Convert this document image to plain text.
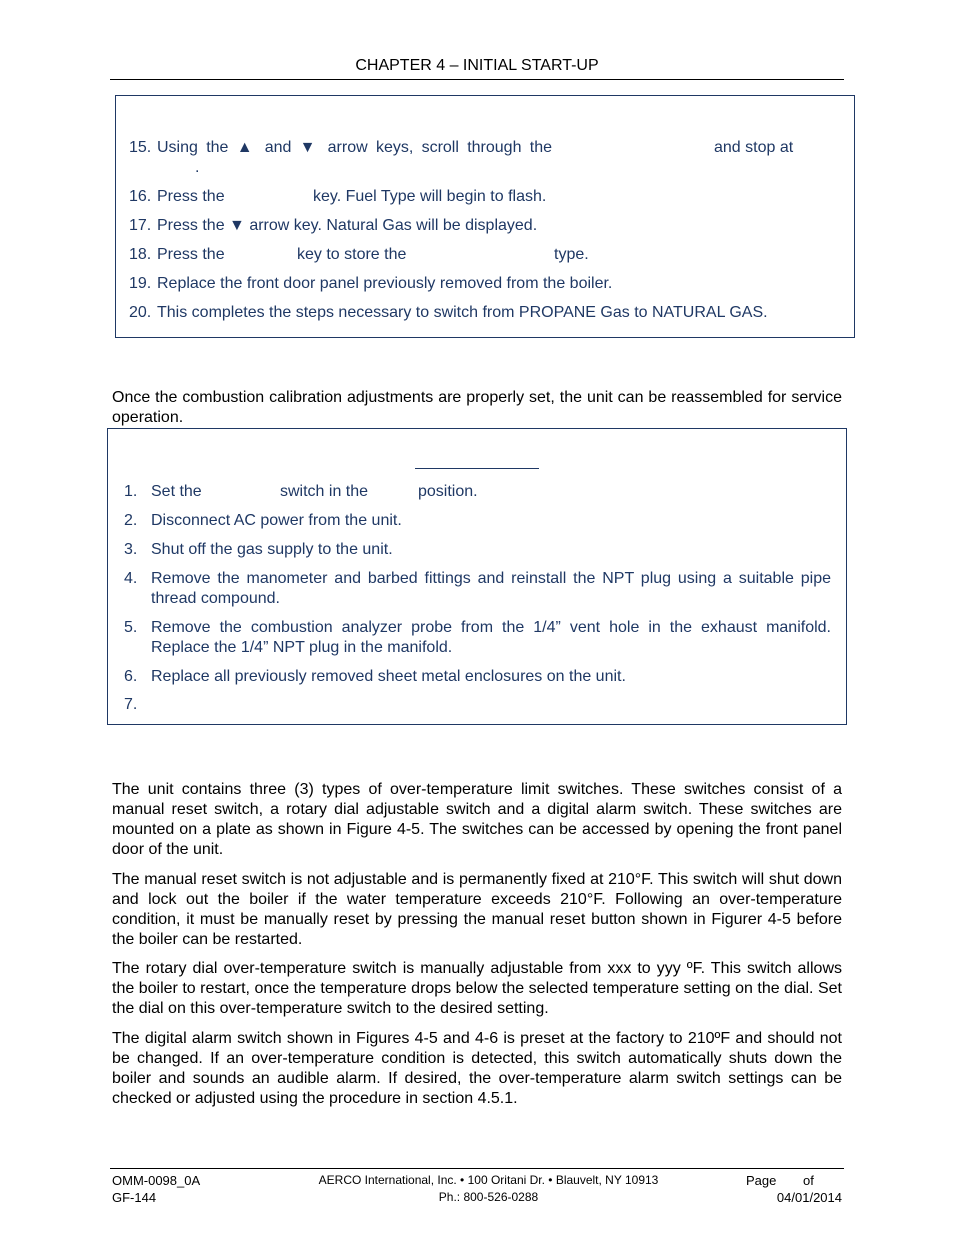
CHAPTER 4 – INITIAL START-UP
15. Using the ▲ and ▼ arrow keys, scroll through the	and stop at
.
16. Press the	key. Fuel Type will begin to flash.
17. Press the ▼ arrow key. Natural Gas will be displayed.
18. Press the	key to store the	type.
19. Replace the front door panel previously removed from the boiler.
20. This completes the steps necessary to switch from PROPANE Gas to NATURAL GAS.
Once the combustion calibration adjustments are properly set, the unit can be reassembled for service operation.
1. Set the	switch in the	position.
2. Disconnect AC power from the unit.
3. Shut off the gas supply to the unit.
4. Remove the manometer and barbed fittings and reinstall the NPT plug using a suitable pipe thread compound.
5. Remove the combustion analyzer probe from the 1/4” vent hole in the exhaust manifold. Replace the 1/4” NPT plug in the manifold.
6. Replace all previously removed sheet metal enclosures on the unit.
7.
The unit contains three (3) types of over-temperature limit switches. These switches consist of a manual reset switch, a rotary dial adjustable switch and a digital alarm switch. These switches are mounted on a plate as shown in Figure 4-5. The switches can be accessed by opening the front panel door of the unit.
The manual reset switch is not adjustable and is permanently fixed at 210°F. This switch will shut down and lock out the boiler if the water temperature exceeds 210°F. Following an over-temperature condition, it must be manually reset by pressing the manual reset button shown in Figurer 4-5 before the boiler can be restarted.
The rotary dial over-temperature switch is manually adjustable from xxx to yyy ºF. This switch allows the boiler to restart, once the temperature drops below the selected temperature setting on the dial. Set the dial on this over-temperature switch to the desired setting.
The digital alarm switch shown in Figures 4-5 and 4-6 is preset at the factory to 210ºF and should not be changed. If an over-temperature condition is detected, this switch automatically shuts down the boiler and sounds an audible alarm. If desired, the over-temperature alarm switch settings can be checked or adjusted using the procedure in section 4.5.1.
OMM-0098_0A
GF-144
AERCO International, Inc. • 100 Oritani Dr. • Blauvelt, NY 10913
Ph.: 800-526-0288
Page of
04/01/2014
